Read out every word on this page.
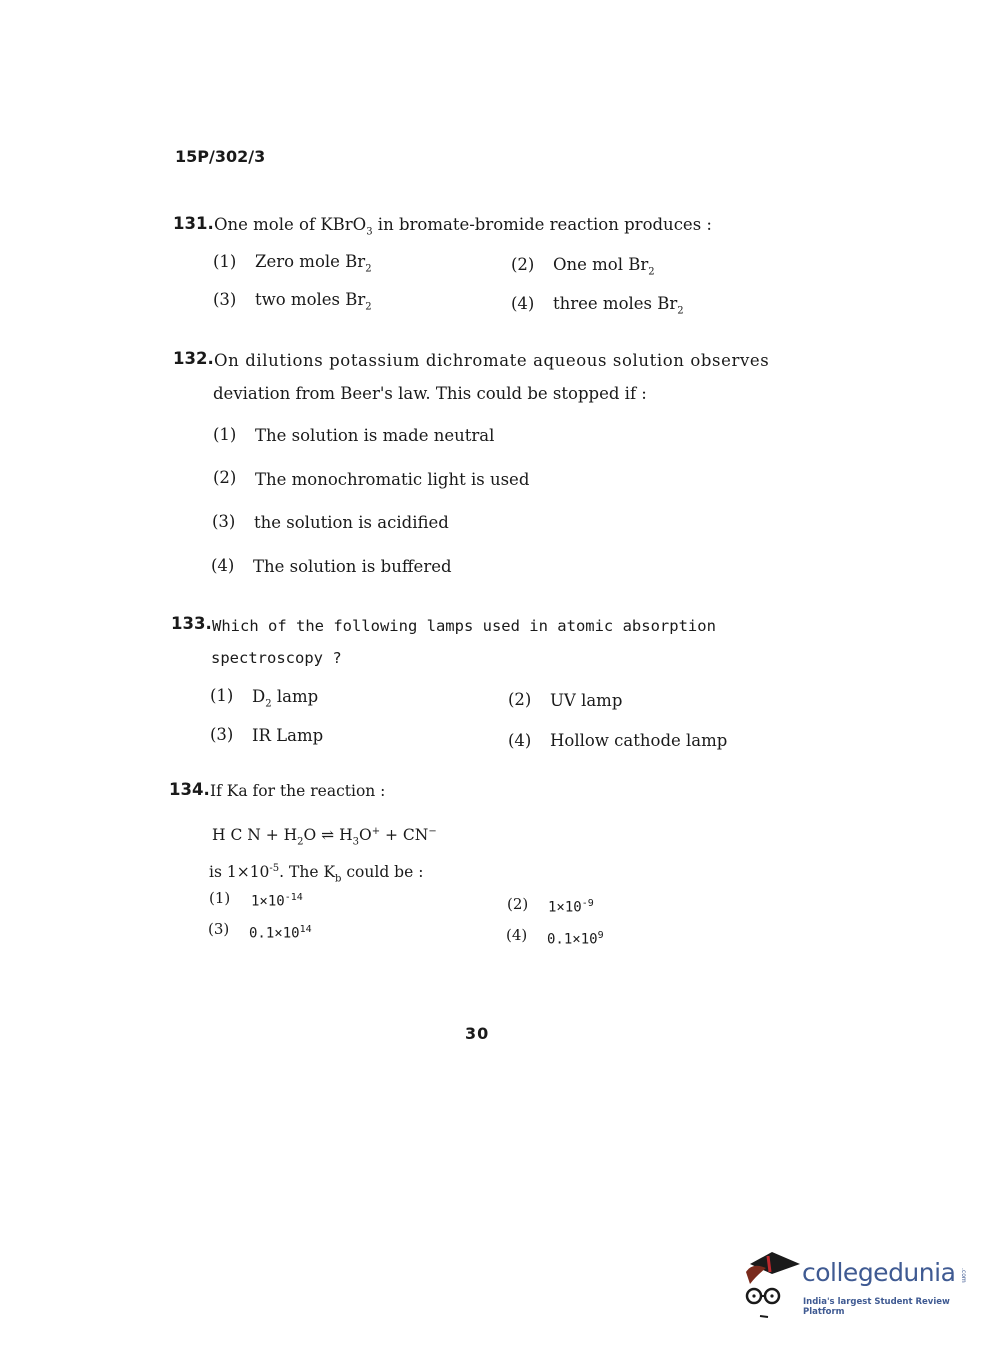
15P/302/3
131. One mole of KBrO$_3$ in bromate-bromide reaction produces :
(1) Zero mole $Br_2$	(2) One mol $Br_2$
(3) two moles $Br_2$	(4) three moles $Br_2$
132. On dilutions potassium dichromate aqueous solution observes
deviation from Beer's law. This could be stopped if :
(1) The solution is made neutral
(2) The monochromatic light is used
(3) the solution is acidified
(4) The solution is buffered
133. Which of the following lamps used in atomic absorption
spectroscopy ?
(1) $D_2$ lamp	(2) UV lamp
(3) IR Lamp	(4) Hollow cathode lamp
134. If Ka for the reaction :
H C $N + H_2O$ ⇌ $H_3O^+ + CN^-$
is $1\times 10^{-5}$. The $K_b$ could be :
(1) $1\times 10^{-14}$	(2) $1\times 10^{-9}$
(3) $0.1\times 10^{14}$	(4) $0.1\times 10^9$
30
collegedunia .com
India's largest Student Review Platform
